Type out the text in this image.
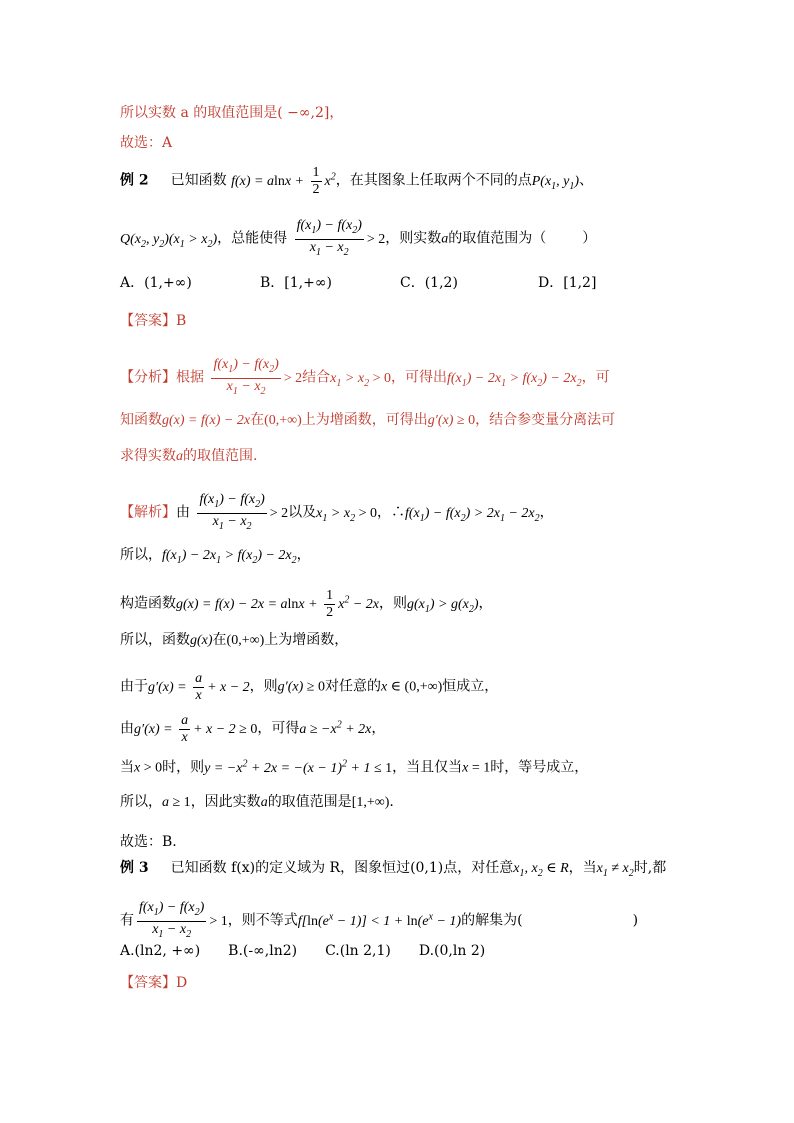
所以实数 a 的取值范围是( −∞,2]，
故选：A
例 2 已知函数 $f(x) = alnx + \frac{1}{2} x^2$，在其图象上任取两个不同的点$P(x_1$, $y_1$)、
$Q(x_2$, $y_2)(x_1 > x_2)$，总能使得 $\frac{f(x_1) - f(x_2)}{x_1 - x_2} > 2$，则实数a的取值范围为（	）
A．(1,+∞)	B．[1,+∞)	C．(1,2)	D．[1,2]
【答案】B
【分析】根据 $\frac{f(x_1) - f(x_2)}{x_1 - x_2} > 2$结合$x_1 > x_2 > 0$，可得出$f(x_1) - 2x_1 > f(x_2) - 2x_2$，可
知函数g(x) = f(x) − 2x在(0,+∞)上为增函数，可得出g′(x) ≥ 0，结合参变量分离法可
求得实数a的取值范围.
【解析】由 $\frac{f(x_1) - f(x_2)}{x_1 - x_2} > 2$以及$x_1 > x_2 > 0$，$\therefore f(x_1) - f(x_2) > 2x_1 - 2x_2$，
所以，$f(x_1) - 2x_1 > f(x_2) - 2x_2$，
构造函数$g(x) = f(x) - 2x = alnx + \frac{1}{2} x^2 - 2x$，则$g(x_1) > g(x_2)$，
所以，函数g(x)在(0,+∞)上为增函数，
由于$g'(x) = \frac{a}{x} + x - 2$，则g′(x) ≥ 0对任意的x ∈ (0,+∞)恒成立，
由$g'(x) = \frac{a}{x} + x - 2 \ge 0$，可得$a \ge -x^2 + 2x$，
当x > 0时，则$y = -x^2 + 2x = -(x - 1)^2 + 1 \le 1$，当且仅当x = 1时，等号成立，
所以，a ≥ 1，因此实数a的取值范围是[1,+∞).
故选：B.
例 3 已知函数 f(x)的定义域为 R，图象恒过(0,1)点，对任意$x_1$, $x_2$ ∈ R，当$x_1 \ne x_2$时,都
有 $\frac{f(x_1) - f(x_2)}{x_1 - x_2} > 1$，则不等式$f[\ln(e^x - 1)] < 1 + \ln(e^x - 1)$的解集为(	)
A.(ln2, +∞)　　B.(-∞,ln2)　　C.(ln 2,1)　　D.(0,ln 2)
【答案】D
